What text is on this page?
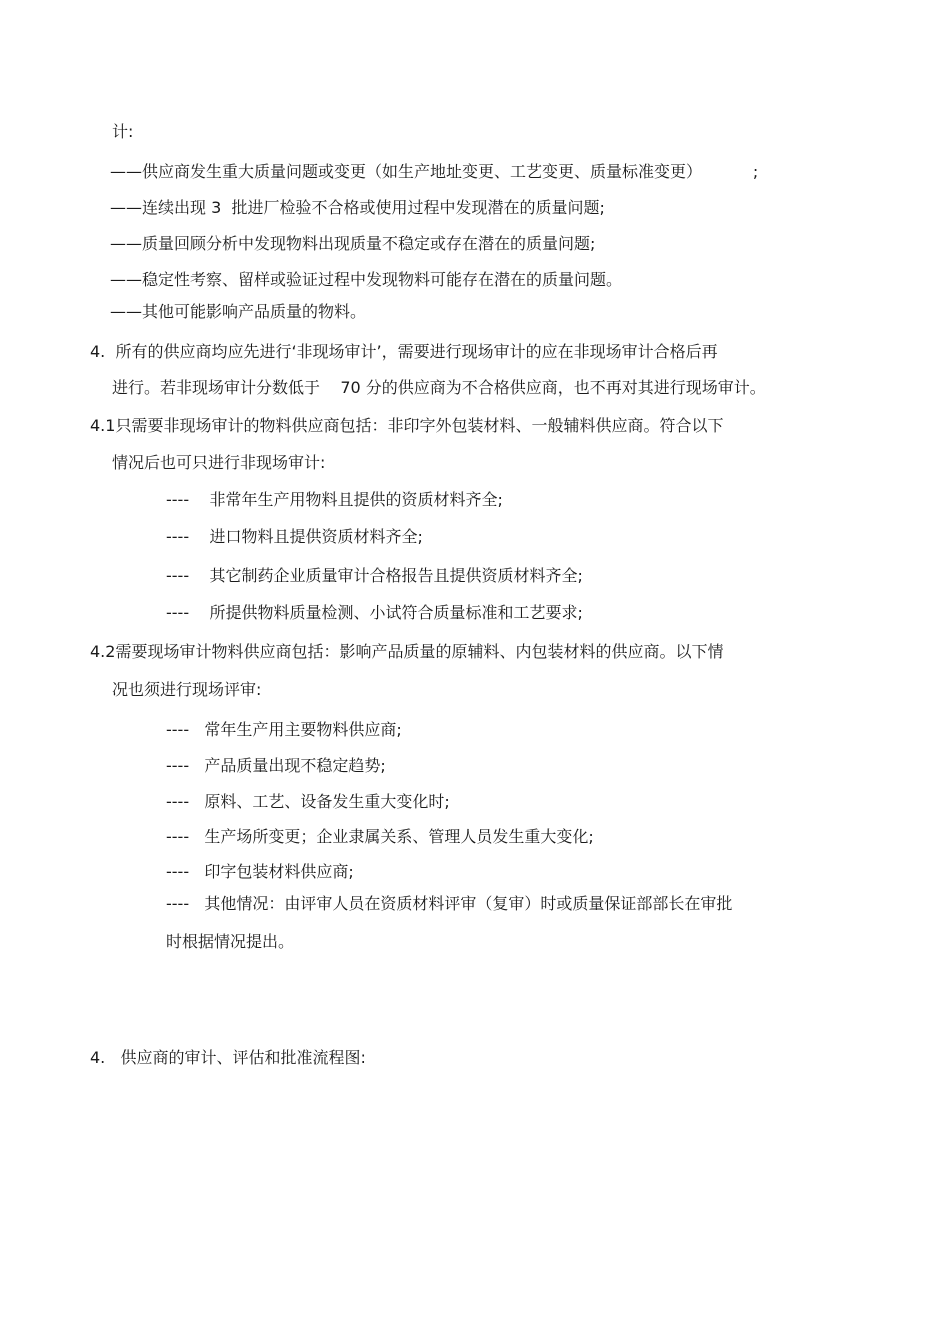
计:
——供应商发生重大质量问题或变更（如生产地址变更、工艺变更、质量标准变更）          ;
——连续出现 3  批进厂检验不合格或使用过程中发现潜在的质量问题;
——质量回顾分析中发现物料出现质量不稳定或存在潜在的质量问题;
——稳定性考察、留样或验证过程中发现物料可能存在潜在的质量问题。
——其他可能影响产品质量的物料。
4.  所有的供应商均应先进行‘非现场审计’，需要进行现场审计的应在非现场审计合格后再
进行。若非现场审计分数低于    70 分的供应商为不合格供应商，也不再对其进行现场审计。
4.1只需要非现场审计的物料供应商包括：非印字外包装材料、一般辅料供应商。符合以下
情况后也可只进行非现场审计:
----    非常年生产用物料且提供的资质材料齐全;
----    进口物料且提供资质材料齐全;
----    其它制药企业质量审计合格报告且提供资质材料齐全;
----    所提供物料质量检测、小试符合质量标准和工艺要求;
4.2需要现场审计物料供应商包括：影响产品质量的原辅料、内包装材料的供应商。以下情
况也须进行现场评审:
----   常年生产用主要物料供应商;
----   产品质量出现不稳定趋势;
----   原料、工艺、设备发生重大变化时;
----   生产场所变更；企业隶属关系、管理人员发生重大变化;
----   印字包装材料供应商;
----   其他情况：由评审人员在资质材料评审（复审）时或质量保证部部长在审批
时根据情况提出。
4.   供应商的审计、评估和批准流程图:
